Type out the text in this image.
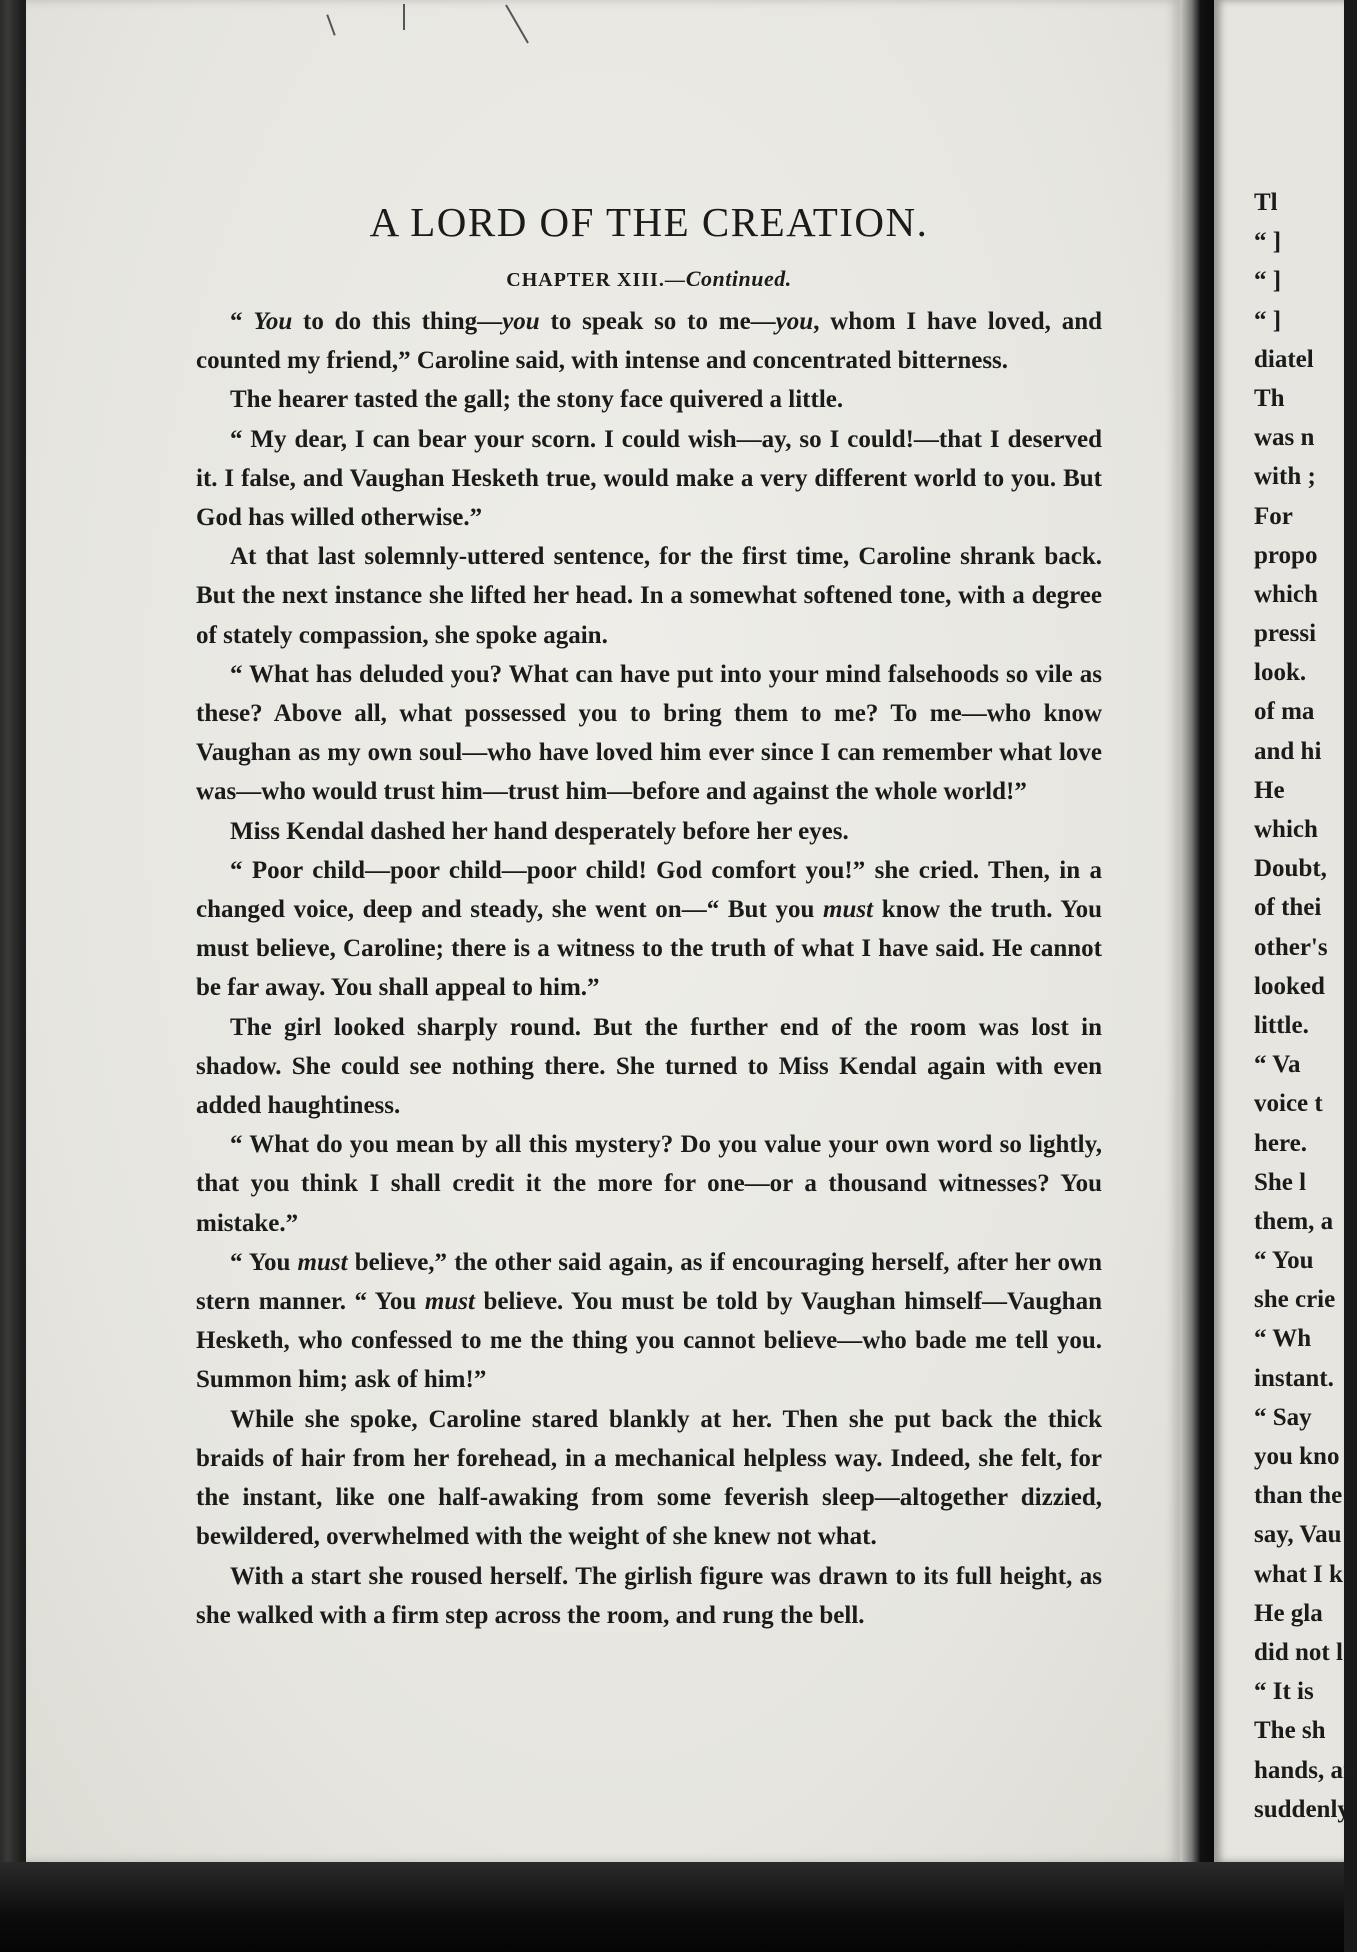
A LORD OF THE CREATION.
CHAPTER XIII.—Continued.

“ You to do this thing—you to speak so to me—you, whom I have loved, and counted my friend,” Caroline said, with intense and concentrated bitterness.

The hearer tasted the gall; the stony face quivered a little.

“ My dear, I can bear your scorn. I could wish—ay, so I could!—that I deserved it. I false, and Vaughan Hesketh true, would make a very different world to you. But God has willed otherwise.”

At that last solemnly-uttered sentence, for the first time, Caroline shrank back. But the next instance she lifted her head. In a somewhat softened tone, with a degree of stately compassion, she spoke again.

“ What has deluded you? What can have put into your mind falsehoods so vile as these? Above all, what possessed you to bring them to me? To me—who know Vaughan as my own soul—who have loved him ever since I can remember what love was—who would trust him—trust him—before and against the whole world!”

Miss Kendal dashed her hand desperately before her eyes.

“ Poor child—poor child—poor child! God comfort you!” she cried. Then, in a changed voice, deep and steady, she went on—“ But you must know the truth. You must believe, Caroline; there is a witness to the truth of what I have said. He cannot be far away. You shall appeal to him.”

The girl looked sharply round. But the further end of the room was lost in shadow. She could see nothing there. She turned to Miss Kendal again with even added haughtiness.

“ What do you mean by all this mystery? Do you value your own word so lightly, that you think I shall credit it the more for one—or a thousand witnesses? You mistake.”

“ You must believe,” the other said again, as if encouraging herself, after her own stern manner. “ You must believe. You must be told by Vaughan himself—Vaughan Hesketh, who confessed to me the thing you cannot believe—who bade me tell you. Summon him; ask of him!”

While she spoke, Caroline stared blankly at her. Then she put back the thick braids of hair from her forehead, in a mechanical helpless way. Indeed, she felt, for the instant, like one half-awaking from some feverish sleep—altogether dizzied, bewildered, overwhelmed with the weight of she knew not what.

With a start she roused herself. The girlish figure was drawn to its full height, as she walked with a firm step across the room, and rung the bell.

Tl
“ ]
“ ]
“ ]
diatel
Th
was n
with ;
For
propo
which
pressi
look.
of ma
and hi
He
which
Doubt,
of thei
other's
looked
little.
“ Va
voice t
here.
She l
them, a
“ You
she crie
“ Wh
instant.
“ Say
you kno
than the
say, Vau
what I k
He gla
did not l
“ It is
The sh
hands, an
suddenly
